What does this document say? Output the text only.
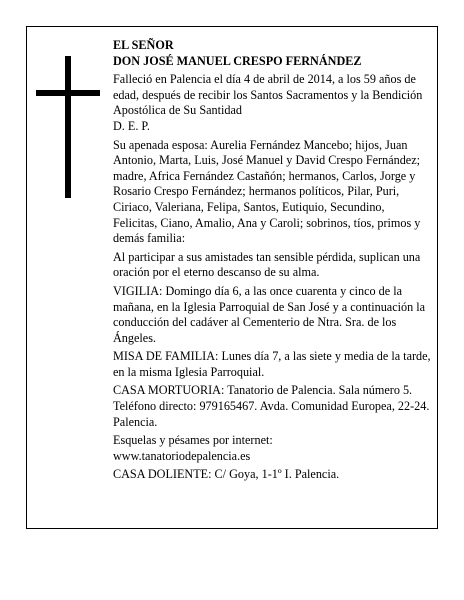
EL SEÑOR

DON JOSÉ MANUEL CRESPO FERNÁNDEZ

Falleció en Palencia el día 4 de abril de 2014, a los 59 años de edad, después de recibir los Santos Sacramentos y la Bendición Apostólica de Su Santidad

D. E. P.

Su apenada esposa: Aurelia Fernández Mancebo; hijos, Juan Antonio, Marta, Luis, José Manuel y David Crespo Fernández; madre, Africa Fernández Castañón; hermanos, Carlos, Jorge y Rosario Crespo Fernández; hermanos políticos, Pilar, Puri, Ciriaco, Valeriana, Felipa, Santos, Eutiquio, Secundino, Felicitas, Ciano, Amalio, Ana y Caroli; sobrinos, tíos, primos y demás familia:

Al participar a sus amistades tan sensible pérdida, suplican una oración por el eterno descanso de su alma.

VIGILIA: Domingo día 6, a las once cuarenta y cinco de la mañana, en la Iglesia Parroquial de San José y a continuación la conducción del cadáver al Cementerio de Ntra. Sra. de los Ángeles.

MISA DE FAMILIA: Lunes día 7, a las siete y media de la tarde, en la misma Iglesia Parroquial.

CASA MORTUORIA: Tanatorio de Palencia. Sala número 5. Teléfono directo: 979165467. Avda. Comunidad Europea, 22-24. Palencia.

Esquelas y pésames por internet:

www.tanatoriodepalencia.es

CASA DOLIENTE: C/ Goya, 1-1º I. Palencia.
